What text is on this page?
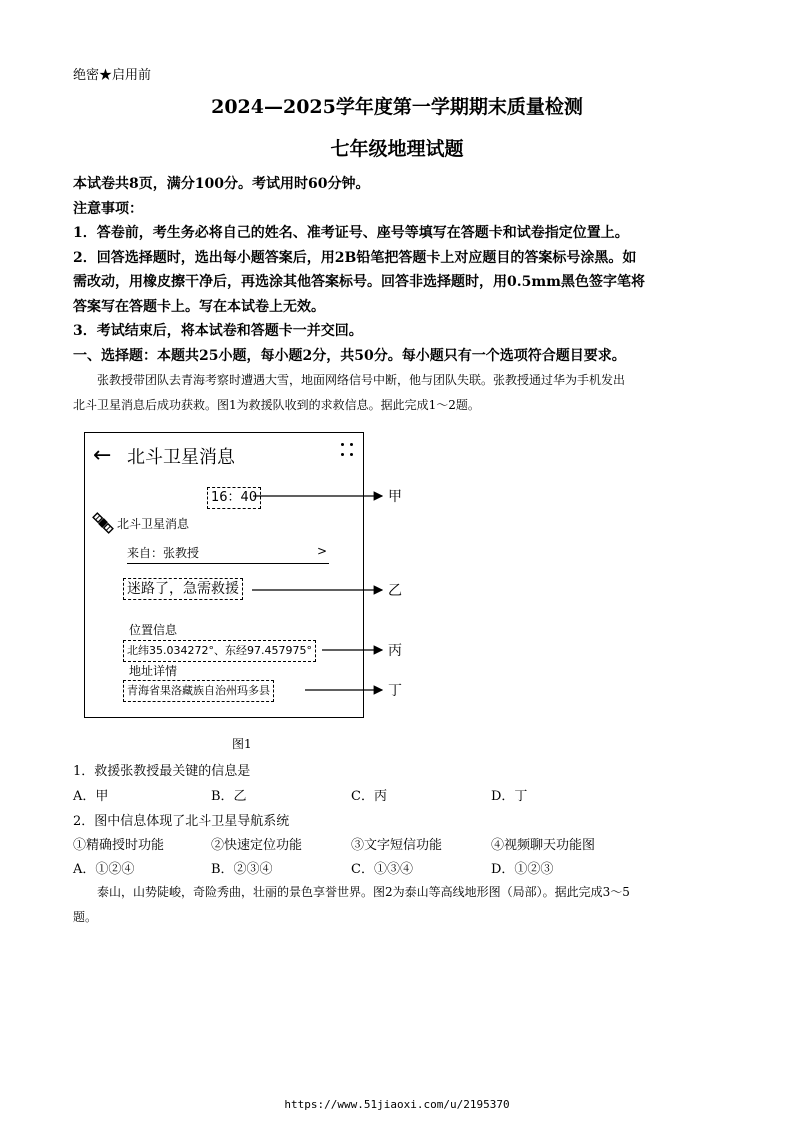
绝密★启用前
2024—2025学年度第一学期期末质量检测
七年级地理试题

本试卷共8页，满分100分。考试用时60分钟。

注意事项：

1．答卷前，考生务必将自己的姓名、准考证号、座号等填写在答题卡和试卷指定位置上。

2．回答选择题时，选出每小题答案后，用2B铅笔把答题卡上对应题目的答案标号涂黑。如

需改动，用橡皮擦干净后，再选涂其他答案标号。回答非选择题时，用0.5mm黑色签字笔将

答案写在答题卡上。写在本试卷上无效。

3．考试结束后，将本试卷和答题卡一并交回。

一、选择题：本题共25小题，每小题2分，共50分。每小题只有一个选项符合题目要求。

张教授带团队去青海考察时遭遇大雪，地面网络信号中断，他与团队失联。张教授通过华为手机发出

北斗卫星消息后成功获救。图1为救援队收到的求救信息。据此完成1～2题。

← 北斗卫星消息
16：40
北斗卫星消息
来自：张教授	>
迷路了，急需救援
位置信息
北纬35.034272°、东经97.457975°
地址详情
青海省果洛藏族自治州玛多县
甲
乙
丙
丁
图1
1．救援张教授最关键的信息是
A．甲	B．乙	C．丙	D．丁
2．图中信息体现了北斗卫星导航系统
①精确授时功能	②快速定位功能	③文字短信功能	④视频聊天功能图
A．①②④	B．②③④	C．①③④	D．①②③

泰山，山势陡峻，奇险秀曲，壮丽的景色享誉世界。图2为泰山等高线地形图（局部）。据此完成3～5

题。

https://www.51jiaoxi.com/u/2195370
